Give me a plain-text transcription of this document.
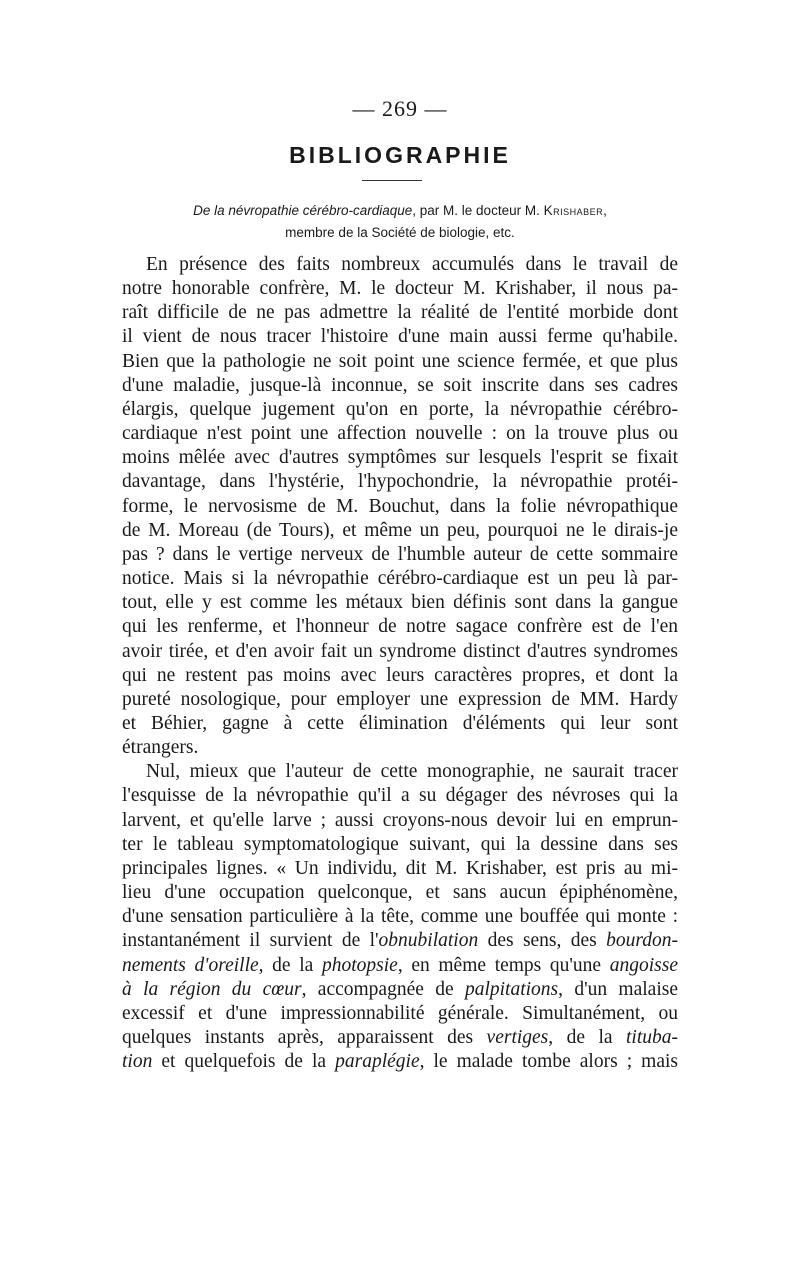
— 269 —
BIBLIOGRAPHIE
De la névropathie cérébro-cardiaque, par M. le docteur M. Krishaber,
membre de la Société de biologie, etc.
En présence des faits nombreux accumulés dans le travail de
notre honorable confrère, M. le docteur M. Krishaber, il nous pa-
raît difficile de ne pas admettre la réalité de l'entité morbide dont
il vient de nous tracer l'histoire d'une main aussi ferme qu'habile.
Bien que la pathologie ne soit point une science fermée, et que plus
d'une maladie, jusque-là inconnue, se soit inscrite dans ses cadres
élargis, quelque jugement qu'on en porte, la névropathie cérébro-
cardiaque n'est point une affection nouvelle : on la trouve plus ou
moins mêlée avec d'autres symptômes sur lesquels l'esprit se fixait
davantage, dans l'hystérie, l'hypochondrie, la névropathie protéi-
forme, le nervosisme de M. Bouchut, dans la folie névropathique
de M. Moreau (de Tours), et même un peu, pourquoi ne le dirais-je
pas ? dans le vertige nerveux de l'humble auteur de cette sommaire
notice. Mais si la névropathie cérébro-cardiaque est un peu là par-
tout, elle y est comme les métaux bien définis sont dans la gangue
qui les renferme, et l'honneur de notre sagace confrère est de l'en
avoir tirée, et d'en avoir fait un syndrome distinct d'autres syndromes
qui ne restent pas moins avec leurs caractères propres, et dont la
pureté nosologique, pour employer une expression de MM. Hardy
et Béhier, gagne à cette élimination d'éléments qui leur sont
étrangers.
Nul, mieux que l'auteur de cette monographie, ne saurait tracer
l'esquisse de la névropathie qu'il a su dégager des névroses qui la
larvent, et qu'elle larve ; aussi croyons-nous devoir lui en emprun-
ter le tableau symptomatologique suivant, qui la dessine dans ses
principales lignes. « Un individu, dit M. Krishaber, est pris au mi-
lieu d'une occupation quelconque, et sans aucun épiphénomène,
d'une sensation particulière à la tête, comme une bouffée qui monte :
instantanément il survient de l'obnubilation des sens, des bourdon-
nements d'oreille, de la photopsie, en même temps qu'une angoisse
à la région du cœur, accompagnée de palpitations, d'un malaise
excessif et d'une impressionnabilité générale. Simultanément, ou
quelques instants après, apparaissent des vertiges, de la tituba-
tion et quelquefois de la paraplégie, le malade tombe alors ; mais
